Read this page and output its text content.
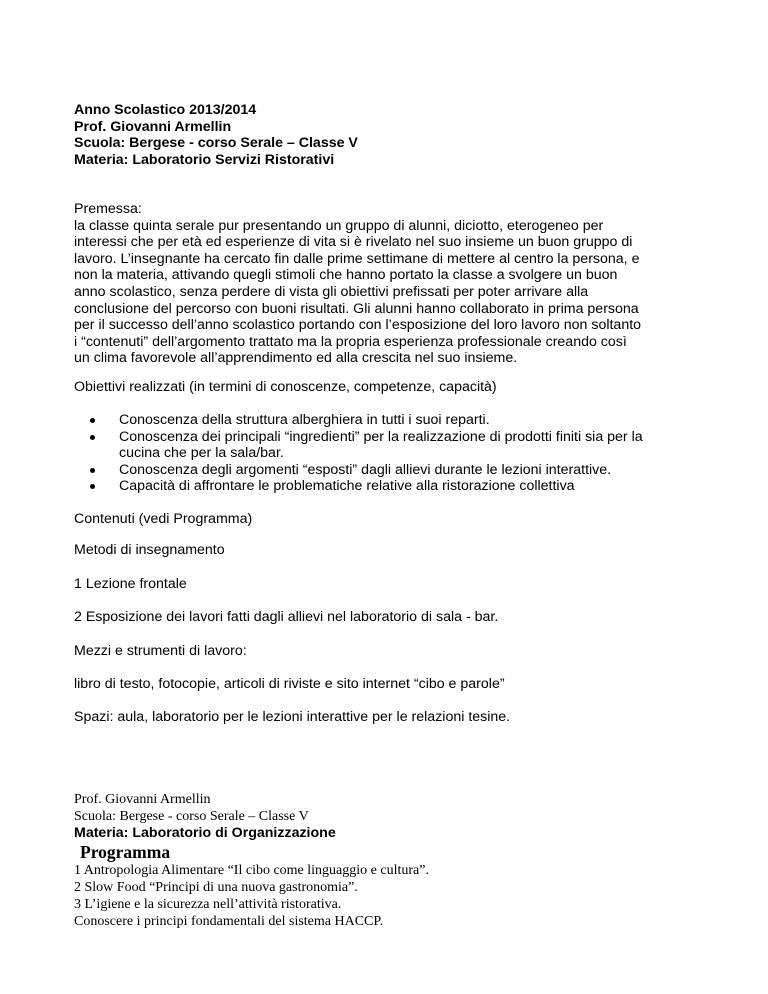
Anno Scolastico 2013/2014
Prof. Giovanni Armellin
Scuola: Bergese - corso Serale – Classe V
Materia: Laboratorio Servizi Ristorativi
Premessa:
la classe quinta serale pur presentando un gruppo di alunni, diciotto, eterogeneo per
interessi che per età ed esperienze di vita si è rivelato nel suo insieme un buon gruppo di
lavoro. L’insegnante ha cercato fin dalle prime settimane di mettere al centro la persona, e
non la materia, attivando quegli stimoli che hanno portato la classe a svolgere un buon
anno scolastico, senza perdere di vista gli obiettivi prefissati per poter arrivare alla
conclusione del percorso con buoni risultati. Gli alunni hanno collaborato in prima persona
per il successo dell’anno scolastico portando con l’esposizione del loro lavoro non soltanto
i “contenuti” dell’argomento trattato ma la propria esperienza professionale creando così
un clima favorevole all’apprendimento ed alla crescita nel suo insieme.
Obiettivi realizzati (in termini di conoscenze, competenze, capacità)
Conoscenza della struttura alberghiera in tutti i suoi reparti.
Conoscenza dei principali “ingredienti” per la realizzazione di prodotti finiti sia per la
cucina che per la sala/bar.
Conoscenza degli argomenti “esposti” dagli allievi durante le lezioni interattive.
Capacità di affrontare le problematiche relative alla ristorazione collettiva
Contenuti (vedi Programma)
Metodi di insegnamento
1 Lezione frontale
2 Esposizione dei lavori fatti dagli allievi nel laboratorio di sala - bar.
Mezzi e strumenti di lavoro:
libro di testo, fotocopie, articoli di riviste e sito internet “cibo e parole”
Spazi: aula, laboratorio per le lezioni interattive per le relazioni tesine.
Prof. Giovanni Armellin
Scuola: Bergese - corso Serale – Classe V
Materia: Laboratorio di Organizzazione
Programma
1 Antropologia Alimentare “Il cibo come linguaggio e cultura”.
2 Slow Food “Principi di una nuova gastronomia”.
3 L’igiene e la sicurezza nell’attività ristorativa.
Conoscere i principi fondamentali del sistema HACCP.
